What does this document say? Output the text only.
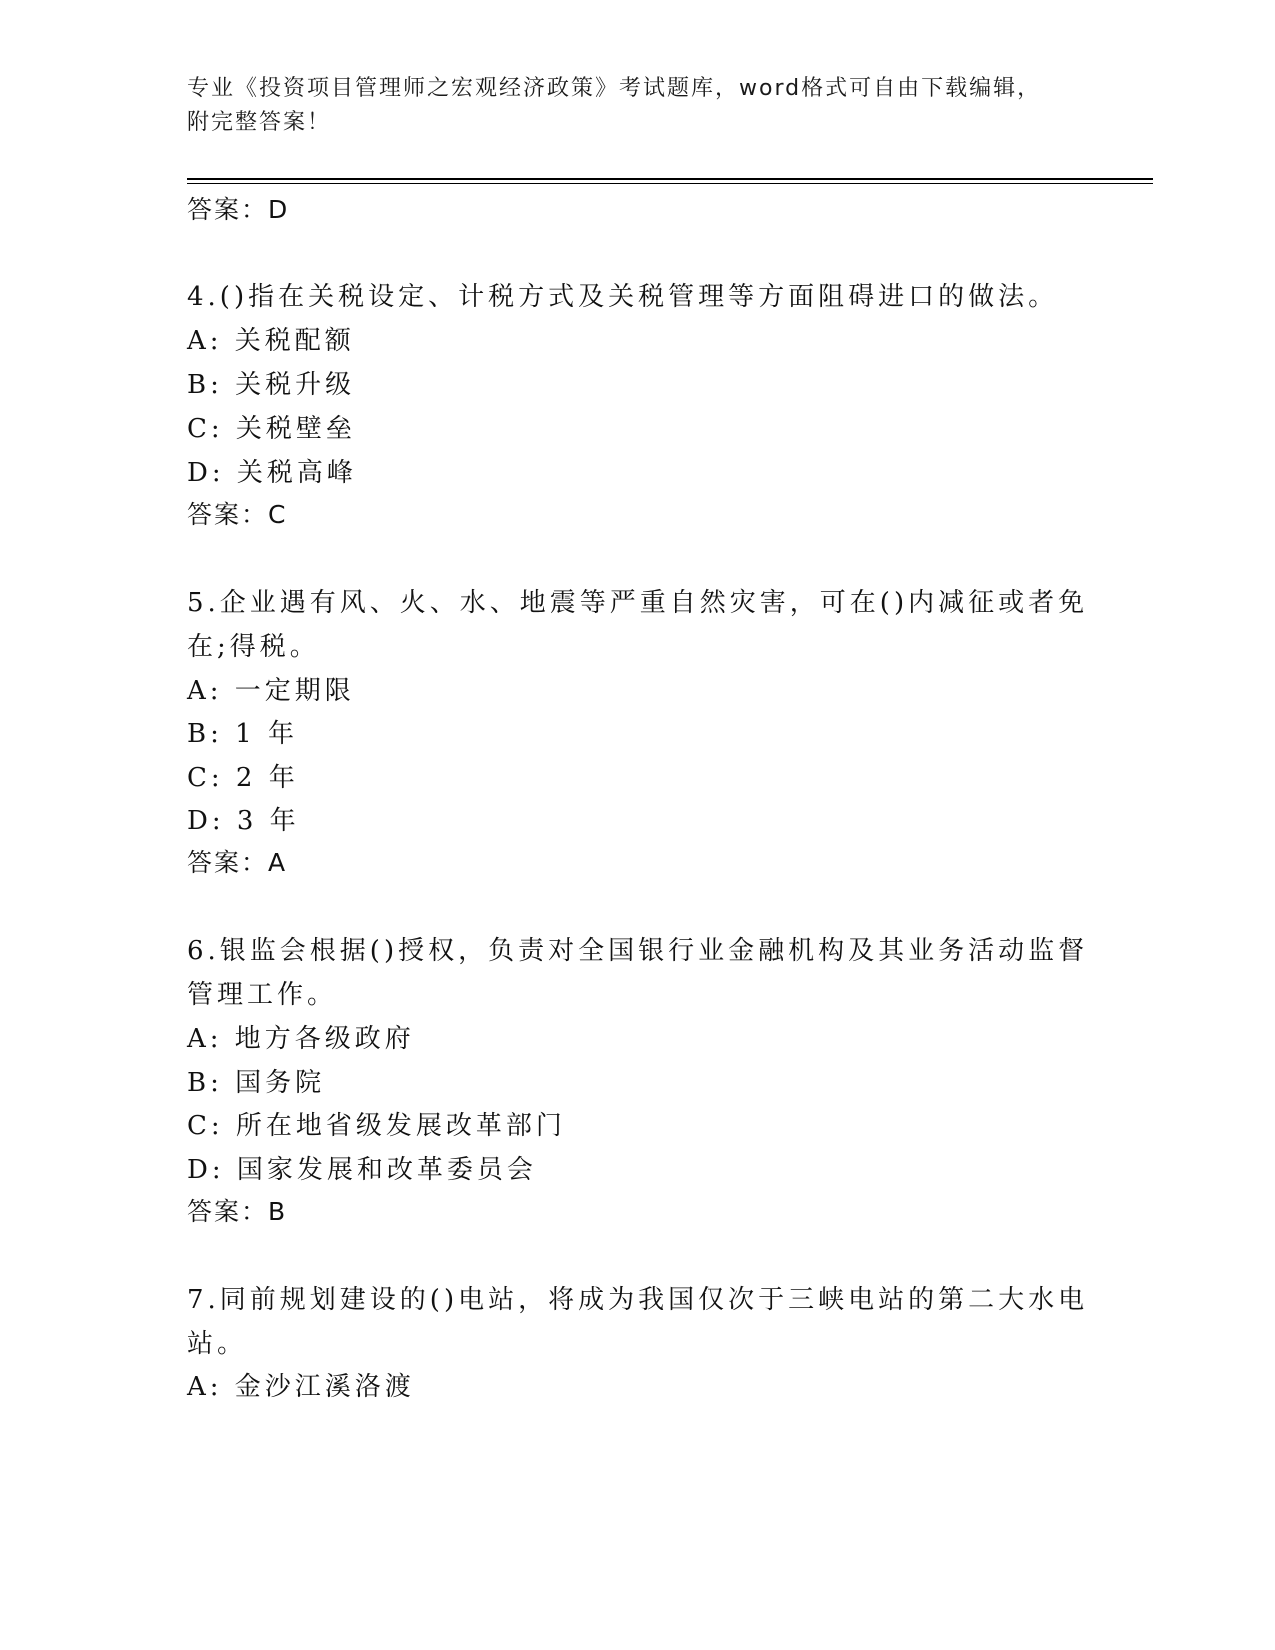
专业《投资项目管理师之宏观经济政策》考试题库，word格式可自由下载编辑，
附完整答案！
答案：D
4.()指在关税设定、计税方式及关税管理等方面阻碍进口的做法。
A: 关税配额
B: 关税升级
C: 关税壁垒
D: 关税高峰
答案：C
5.企业遇有风、火、水、地震等严重自然灾害，可在()内减征或者免
在;得税。
A: 一定期限
B: 1 年
C: 2 年
D: 3 年
答案：A
6.银监会根据()授权，负责对全国银行业金融机构及其业务活动监督
管理工作。
A: 地方各级政府
B: 国务院
C: 所在地省级发展改革部门
D: 国家发展和改革委员会
答案：B
7.同前规划建设的()电站，将成为我国仅次于三峡电站的第二大水电
站。
A: 金沙江溪洛渡
